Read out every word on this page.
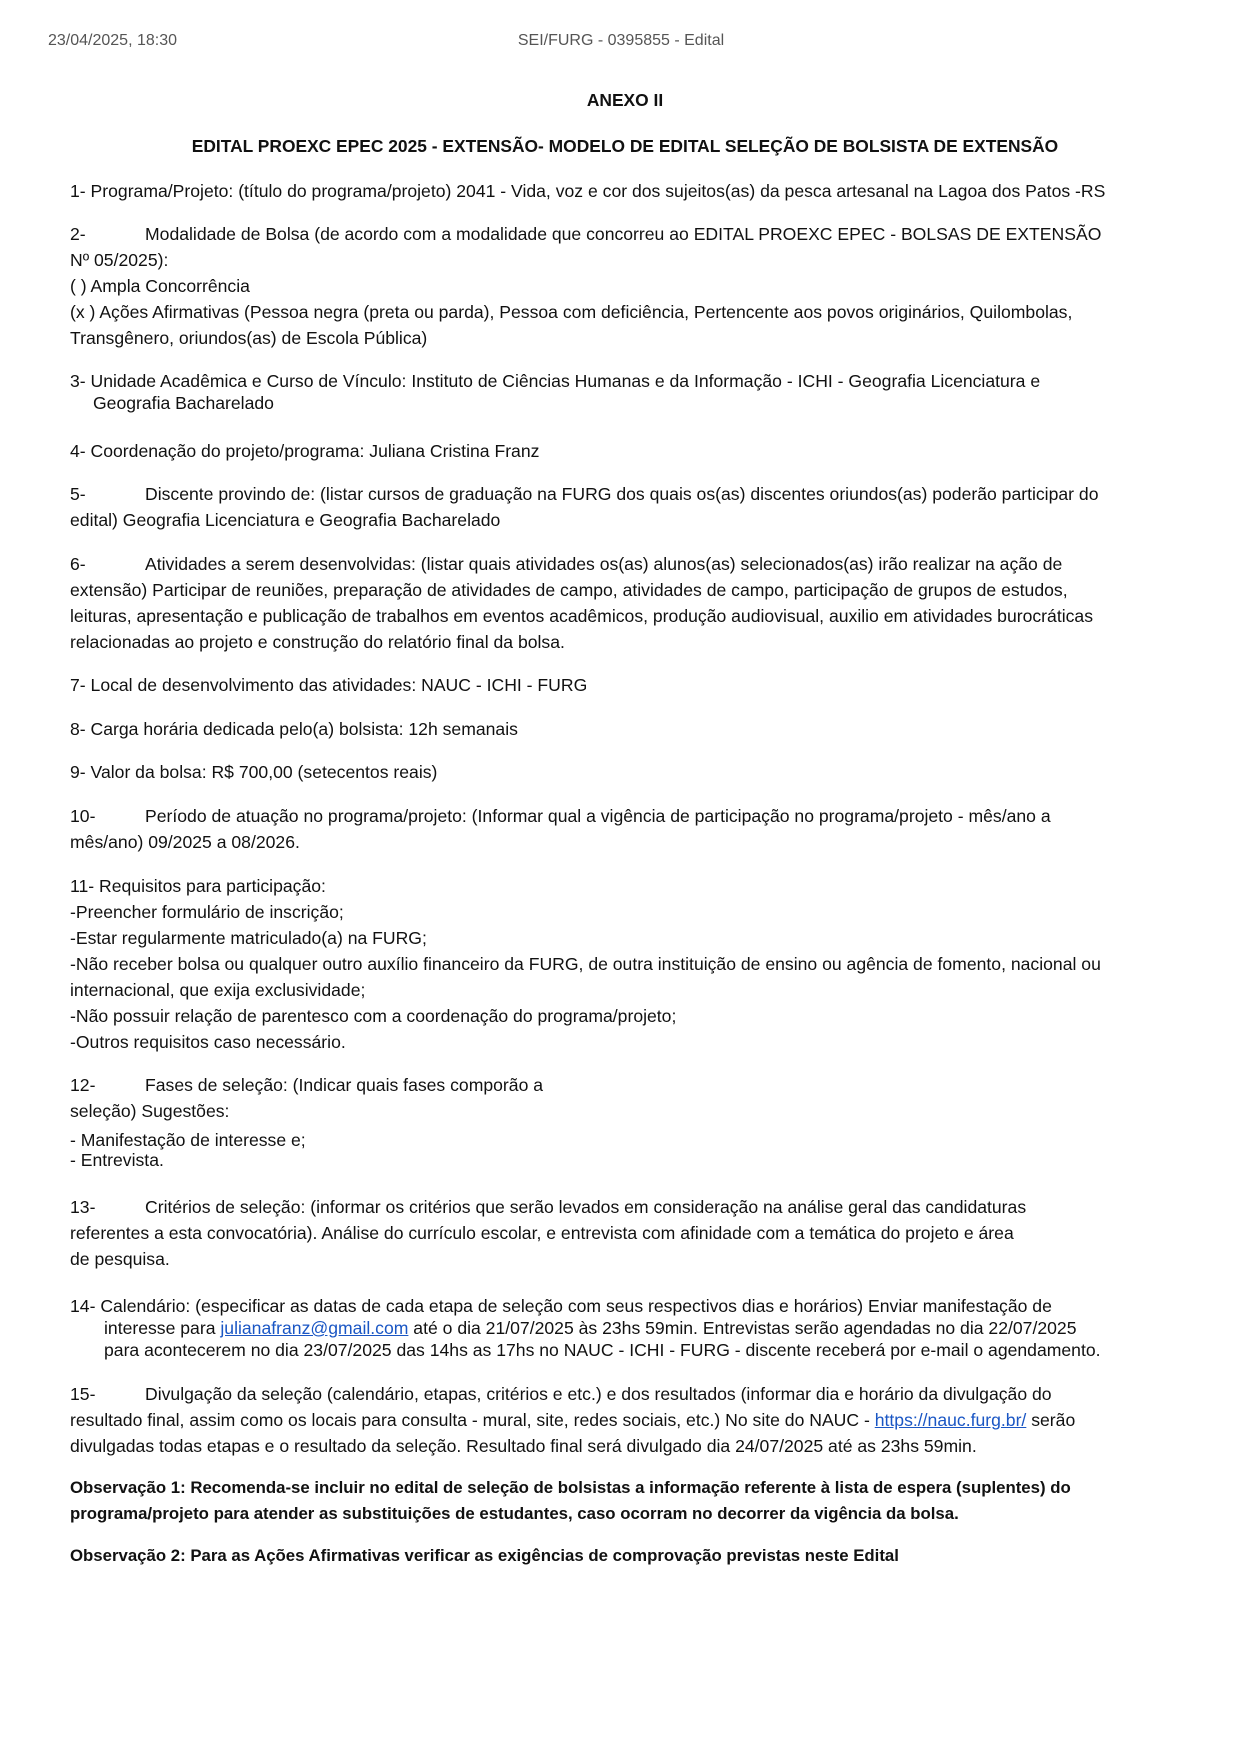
23/04/2025, 18:30	SEI/FURG - 0395855 - Edital
ANEXO II
EDITAL PROEXC EPEC 2025 - EXTENSÃO- MODELO DE EDITAL SELEÇÃO DE BOLSISTA DE EXTENSÃO

1- Programa/Projeto: (título do programa/projeto) 2041 - Vida, voz e cor dos sujeitos(as) da pesca artesanal na Lagoa dos Patos -RS

2-	Modalidade de Bolsa (de acordo com a modalidade que concorreu ao EDITAL PROEXC EPEC - BOLSAS DE EXTENSÃO

Nº 05/2025):

( ) Ampla Concorrência

(x ) Ações Afirmativas (Pessoa negra (preta ou parda), Pessoa com deficiência, Pertencente aos povos originários, Quilombolas,

Transgênero, oriundos(as) de Escola Pública)

3- Unidade Acadêmica e Curso de Vínculo: Instituto de Ciências Humanas e da Informação - ICHI - Geografia Licenciatura e

Geografia Bacharelado

4- Coordenação do projeto/programa: Juliana Cristina Franz

5-	Discente provindo de: (listar cursos de graduação na FURG dos quais os(as) discentes oriundos(as) poderão participar do

edital) Geografia Licenciatura e Geografia Bacharelado

6-	Atividades a serem desenvolvidas: (listar quais atividades os(as) alunos(as) selecionados(as) irão realizar na ação de

extensão) Participar de reuniões, preparação de atividades de campo, atividades de campo, participação de grupos de estudos,

leituras, apresentação e publicação de trabalhos em eventos acadêmicos, produção audiovisual, auxilio em atividades burocráticas

relacionadas ao projeto e construção do relatório final da bolsa.

7- Local de desenvolvimento das atividades: NAUC - ICHI - FURG

8- Carga horária dedicada pelo(a) bolsista: 12h semanais

9- Valor da bolsa: R$ 700,00 (setecentos reais)

10-	Período de atuação no programa/projeto: (Informar qual a vigência de participação no programa/projeto - mês/ano a

mês/ano) 09/2025 a 08/2026.

11- Requisitos para participação:

-Preencher formulário de inscrição;

-Estar regularmente matriculado(a) na FURG;

-Não receber bolsa ou qualquer outro auxílio financeiro da FURG, de outra instituição de ensino ou agência de fomento, nacional ou

internacional, que exija exclusividade;

-Não possuir relação de parentesco com a coordenação do programa/projeto;

-Outros requisitos caso necessário.

12-	Fases de seleção: (Indicar quais fases comporão a

seleção) Sugestões:

- Manifestação de interesse e;

- Entrevista.

13-	Critérios de seleção: (informar os critérios que serão levados em consideração na análise geral das candidaturas

referentes a esta convocatória). Análise do currículo escolar, e entrevista com afinidade com a temática do projeto e área

de pesquisa.

14- Calendário: (especificar as datas de cada etapa de seleção com seus respectivos dias e horários) Enviar manifestação de

interesse para julianafranz@gmail.com até o dia 21/07/2025 às 23hs 59min. Entrevistas serão agendadas no dia 22/07/2025

para acontecerem no dia 23/07/2025 das 14hs as 17hs no NAUC - ICHI - FURG - discente receberá por e-mail o agendamento.

15-	Divulgação da seleção (calendário, etapas, critérios e etc.) e dos resultados (informar dia e horário da divulgação do

resultado final, assim como os locais para consulta - mural, site, redes sociais, etc.) No site do NAUC - https://nauc.furg.br/ serão

divulgadas todas etapas e o resultado da seleção. Resultado final será divulgado dia 24/07/2025 até as 23hs 59min.

Observação 1: Recomenda-se incluir no edital de seleção de bolsistas a informação referente à lista de espera (suplentes) do

programa/projeto para atender as substituições de estudantes, caso ocorram no decorrer da vigência da bolsa.

Observação 2: Para as Ações Afirmativas verificar as exigências de comprovação previstas neste Edital
